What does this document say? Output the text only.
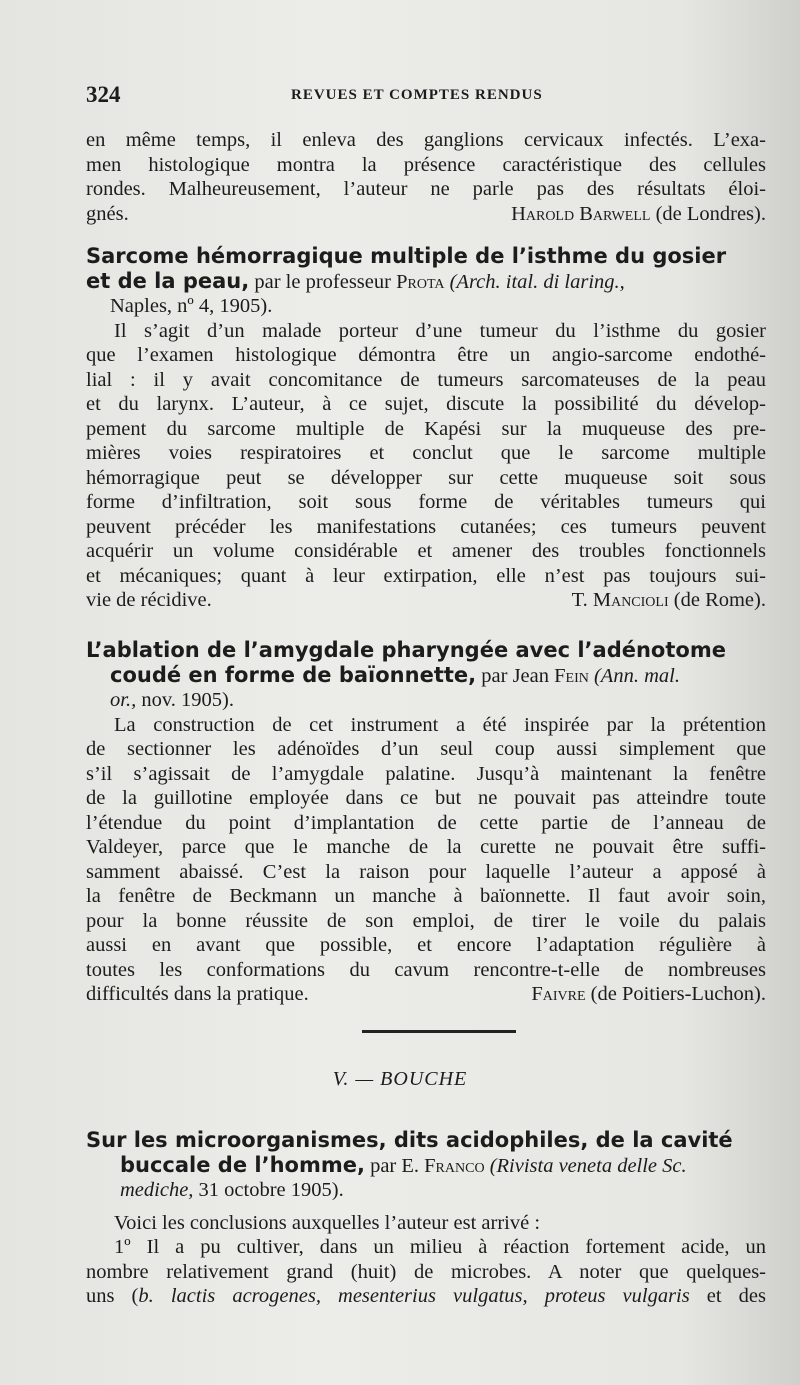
324	REVUES ET COMPTES RENDUS
en même temps, il enleva des ganglions cervicaux infectés. L’exa-
men histologique montra la présence caractéristique des cellules
rondes. Malheureusement, l’auteur ne parle pas des résultats éloi-
gnés.	Harold Barwell (de Londres).
Sarcome hémorragique multiple de l’isthme du gosier
et de la peau, par le professeur Prota (Arch. ital. di laring.,
Naples, nº 4, 1905).
Il s’agit d’un malade porteur d’une tumeur du l’isthme du gosier
que l’examen histologique démontra être un angio-sarcome endothé-
lial : il y avait concomitance de tumeurs sarcomateuses de la peau
et du larynx. L’auteur, à ce sujet, discute la possibilité du dévelop-
pement du sarcome multiple de Kapési sur la muqueuse des pre-
mières voies respiratoires et conclut que le sarcome multiple
hémorragique peut se développer sur cette muqueuse soit sous
forme d’infiltration, soit sous forme de véritables tumeurs qui
peuvent précéder les manifestations cutanées; ces tumeurs peuvent
acquérir un volume considérable et amener des troubles fonctionnels
et mécaniques; quant à leur extirpation, elle n’est pas toujours sui-
vie de récidive.	T. Mancioli (de Rome).
L’ablation de l’amygdale pharyngée avec l’adénotome
coudé en forme de baïonnette, par Jean Fein (Ann. mal.
or., nov. 1905).
La construction de cet instrument a été inspirée par la prétention
de sectionner les adénoïdes d’un seul coup aussi simplement que
s’il s’agissait de l’amygdale palatine. Jusqu’à maintenant la fenêtre
de la guillotine employée dans ce but ne pouvait pas atteindre toute
l’étendue du point d’implantation de cette partie de l’anneau de
Valdeyer, parce que le manche de la curette ne pouvait être suffi-
samment abaissé. C’est la raison pour laquelle l’auteur a apposé à
la fenêtre de Beckmann un manche à baïonnette. Il faut avoir soin,
pour la bonne réussite de son emploi, de tirer le voile du palais
aussi en avant que possible, et encore l’adaptation régulière à
toutes les conformations du cavum rencontre-t-elle de nombreuses
difficultés dans la pratique.	Faivre (de Poitiers-Luchon).
V. — BOUCHE
Sur les microorganismes, dits acidophiles, de la cavité
buccale de l’homme, par E. Franco (Rivista veneta delle Sc.
mediche, 31 octobre 1905).
Voici les conclusions auxquelles l’auteur est arrivé :
1º Il a pu cultiver, dans un milieu à réaction fortement acide, un
nombre relativement grand (huit) de microbes. A noter que quelques-
uns (b. lactis acrogenes, mesenterius vulgatus, proteus vulgaris et des
